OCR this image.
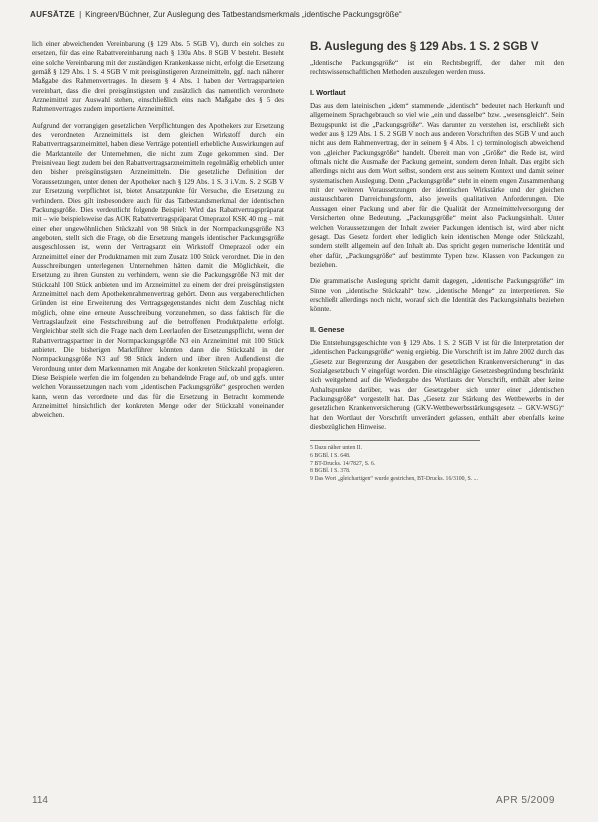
AUFSÄTZE | Kingreen/Büchner, Zur Auslegung des Tatbestandsmerkmals „identische Packungsgröße“

lich einer abweichenden Vereinbarung (§ 129 Abs. 5 SGB V), durch ein solches zu ersetzen, für das eine Rabattvereinbarung nach § 130a Abs. 8 SGB V besteht. Besteht eine solche Vereinbarung mit der zuständigen Krankenkasse nicht, erfolgt die Ersetzung gemäß § 129 Abs. 1 S. 4 SGB V mit preisgünstigeren Arzneimitteln, ggf. nach näherer Maßgabe des Rahmenvertrages. In diesem § 4 Abs. 1 haben der Vertragsparteien vereinbart, dass die drei preisgünstigsten und zusätzlich das namentlich verordnete Arzneimittel zur Auswahl stehen, einschließlich eins nach Maßgabe des § 5 des Rahmenvertrages zudem importierte Arzneimittel.

Aufgrund der vorrangigen gesetzlichen Verpflichtungen des Apothekers zur Ersetzung des verordneten Arzneimittels ist dem gleichen Wirkstoff durch ein Rabattvertragsarzneimittel, haben diese Verträge potentiell erhebliche Auswirkungen auf die Marktanteile der Unternehmen, die nicht zum Zuge gekommen sind. Der Preisniveau liegt zudem bei den Rabattvertragsarzneimitteln regelmäßig erheblich unter den bisher preisgünstigsten Arzneimitteln. Die gesetzliche Definition der Voraussetzungen, unter denen der Apotheker nach § 129 Abs. 1 S. 3 i.V.m. S. 2 SGB V zur Ersetzung verpflichtet ist, bietet Ansatzpunkte für Versuche, die Ersetzung zu verhindern. Dies gilt insbesondere auch für das Tatbestandsmerkmal der identischen Packungsgröße. Dies verdeutlicht folgende Beispiel: Wird das Rabattvertragspräparat mit – wie beispielsweise das AOK Rabattvertragspräparat Omeprazol KSK 40 mg – mit einer eher ungewöhnlichen Stückzahl von 98 Stück in der Normpackungsgröße N3 angeboten, stellt sich die Frage, ob die Ersetzung mangels identischer Packungsgröße ausgeschlossen ist, wenn der Vertragsarzt ein Wirkstoff Omeprazol oder ein Arzneimittel einer der Produktnamen mit zum Zusatz 100 Stück verordnet. Die in den Ausschreibungen unterlegenen Unternehmen hätten damit die Möglichkeit, die Ersetzung zu ihren Gunsten zu verhindern, wenn sie die Packungsgröße N3 mit der Stückzahl 100 Stück anbieten und im Arzneimittel zu einem der drei preisgünstigsten Arzneimittel nach dem Apothekenrahmenvertrag gehört. Denn aus vergaberechtlichen Gründen ist eine Erweiterung des Vertragsgegenstandes nicht dem Zuschlag nicht möglich, ohne eine erneute Ausschreibung vorzunehmen, so dass faktisch für die Vertragslaufzeit eine Festschreibung auf die betroffenen Produktpalette erfolgt. Vergleichbar stellt sich die Frage nach dem Leerlaufen der Ersetzungspflicht, wenn der Rabattvertragspartner in der Normpackungsgröße N3 ein Arzneimittel mit 100 Stück anbietet. Die bisherigen Marktführer könnten dann die Stückzahl in der Normpackungsgröße N3 auf 98 Stück ändern und über ihren Außendienst die Verordnung unter dem Markennamen mit Angabe der konkreten Stückzahl propagieren. Diese Beispiele werfen die im folgenden zu behandelnde Frage auf, ob und ggfs. unter welchen Voraussetzungen nach vom „identischen Packungsgröße“ gesprochen werden kann, wenn das verordnete und das für die Ersetzung in Betracht kommende Arzneimittel hinsichtlich der konkreten Menge oder der Stückzahl voneinander abweichen.

B. Auslegung des § 129 Abs. 1 S. 2 SGB V

„Identische Packungsgröße“ ist ein Rechtsbegriff, der daher mit den rechtswissenschaftlichen Methoden auszulegen werden muss.

I. Wortlaut

Das aus dem lateinischen „idem“ stammende „identisch“ bedeutet nach Herkunft und allgemeinem Sprachgebrauch so viel wie „ein und dasselbe“ bzw. „wesensgleich“. Sein Bezugspunkt ist die „Packungsgröße“. Was darunter zu verstehen ist, erschließt sich weder aus § 129 Abs. 1 S. 2 SGB V noch aus anderen Vorschriften des SGB V und auch nicht aus dem Rahmenvertrag, der in seinem § 4 Abs. 1 c) terminologisch abweichend von „gleicher Packungsgröße“ handelt. Übereit man von „Größe“ die Rede ist, wird oftmals nicht die Ausmaße der Packung gemeint, sondern deren Inhalt. Das ergibt sich allerdings nicht aus dem Wort selbst, sondern erst aus seinem Kontext und damit seiner systematischen Auslegung. Denn „Packungsgröße“ steht in einem engen Zusammenhang mit der weiteren Voraussetzungen der identischen Wirkstärke und der gleichen austauschbaren Darreichungsform, also jeweils qualitativen Anforderungen. Die Aussagen einer Packung und aber für die Qualität der Arzneimittelversorgung der Versicherten ohne Bedeutung. „Packungsgröße“ meint also Packungsinhalt. Unter welchen Voraussetzungen der Inhalt zweier Packungen identisch ist, wird aber nicht gesagt. Das Gesetz fordert eher lediglich kein identischen Menge oder Stückzahl, sondern stellt allgemein auf den Inhalt ab. Das spricht gegen numerische Identität und eher dafür, „Packungsgröße“ auf bestimmte Typen bzw. Klassen von Packungen zu beziehen.

Die grammatische Auslegung spricht damit dagegen, „identische Packungsgröße“ im Sinne von „identische Stückzahl“ bzw. „identische Menge“ zu interpretieren. Sie erschließt allerdings noch nicht, worauf sich die Identität des Packungsinhalts beziehen könnte.

II. Genese

Die Entstehungsgeschichte von § 129 Abs. 1 S. 2 SGB V ist für die Interpretation der „identischen Packungsgröße“ wenig ergiebig. Die Vorschrift ist im Jahre 2002 durch das „Gesetz zur Begrenzung der Ausgaben der gesetzlichen Krankenversicherung“ in das Sozialgesetzbuch V eingefügt worden. Die einschlägige Gesetzesbegründung beschränkt sich weitgehend auf die Wiedergabe des Wortlauts der Vorschrift, enthält aber keine Anhaltspunkte darüber, was der Gesetzgeber sich unter einer „identischen Packungsgröße“ vorgestellt hat. Das „Gesetz zur Stärkung des Wettbewerbs in der gesetzlichen Krankenversicherung (GKV-Wettbewerbsstärkungsgesetz – GKV-WSG)“ hat den Wortlaut der Vorschrift unverändert gelassen, enthält aber ebenfalls keine diesbezüglichen Hinweise.

5 Dazu näher unten II.
6 BGBl. I S. 648.
7 BT-Drucks. 14/7827, S. 6.
8 BGBl. I S. 378.
9 Das Wort „gleichartigen“ wurde gestrichen, BT-Drucks. 16/3100, S. ...
114	APR 5/2009
